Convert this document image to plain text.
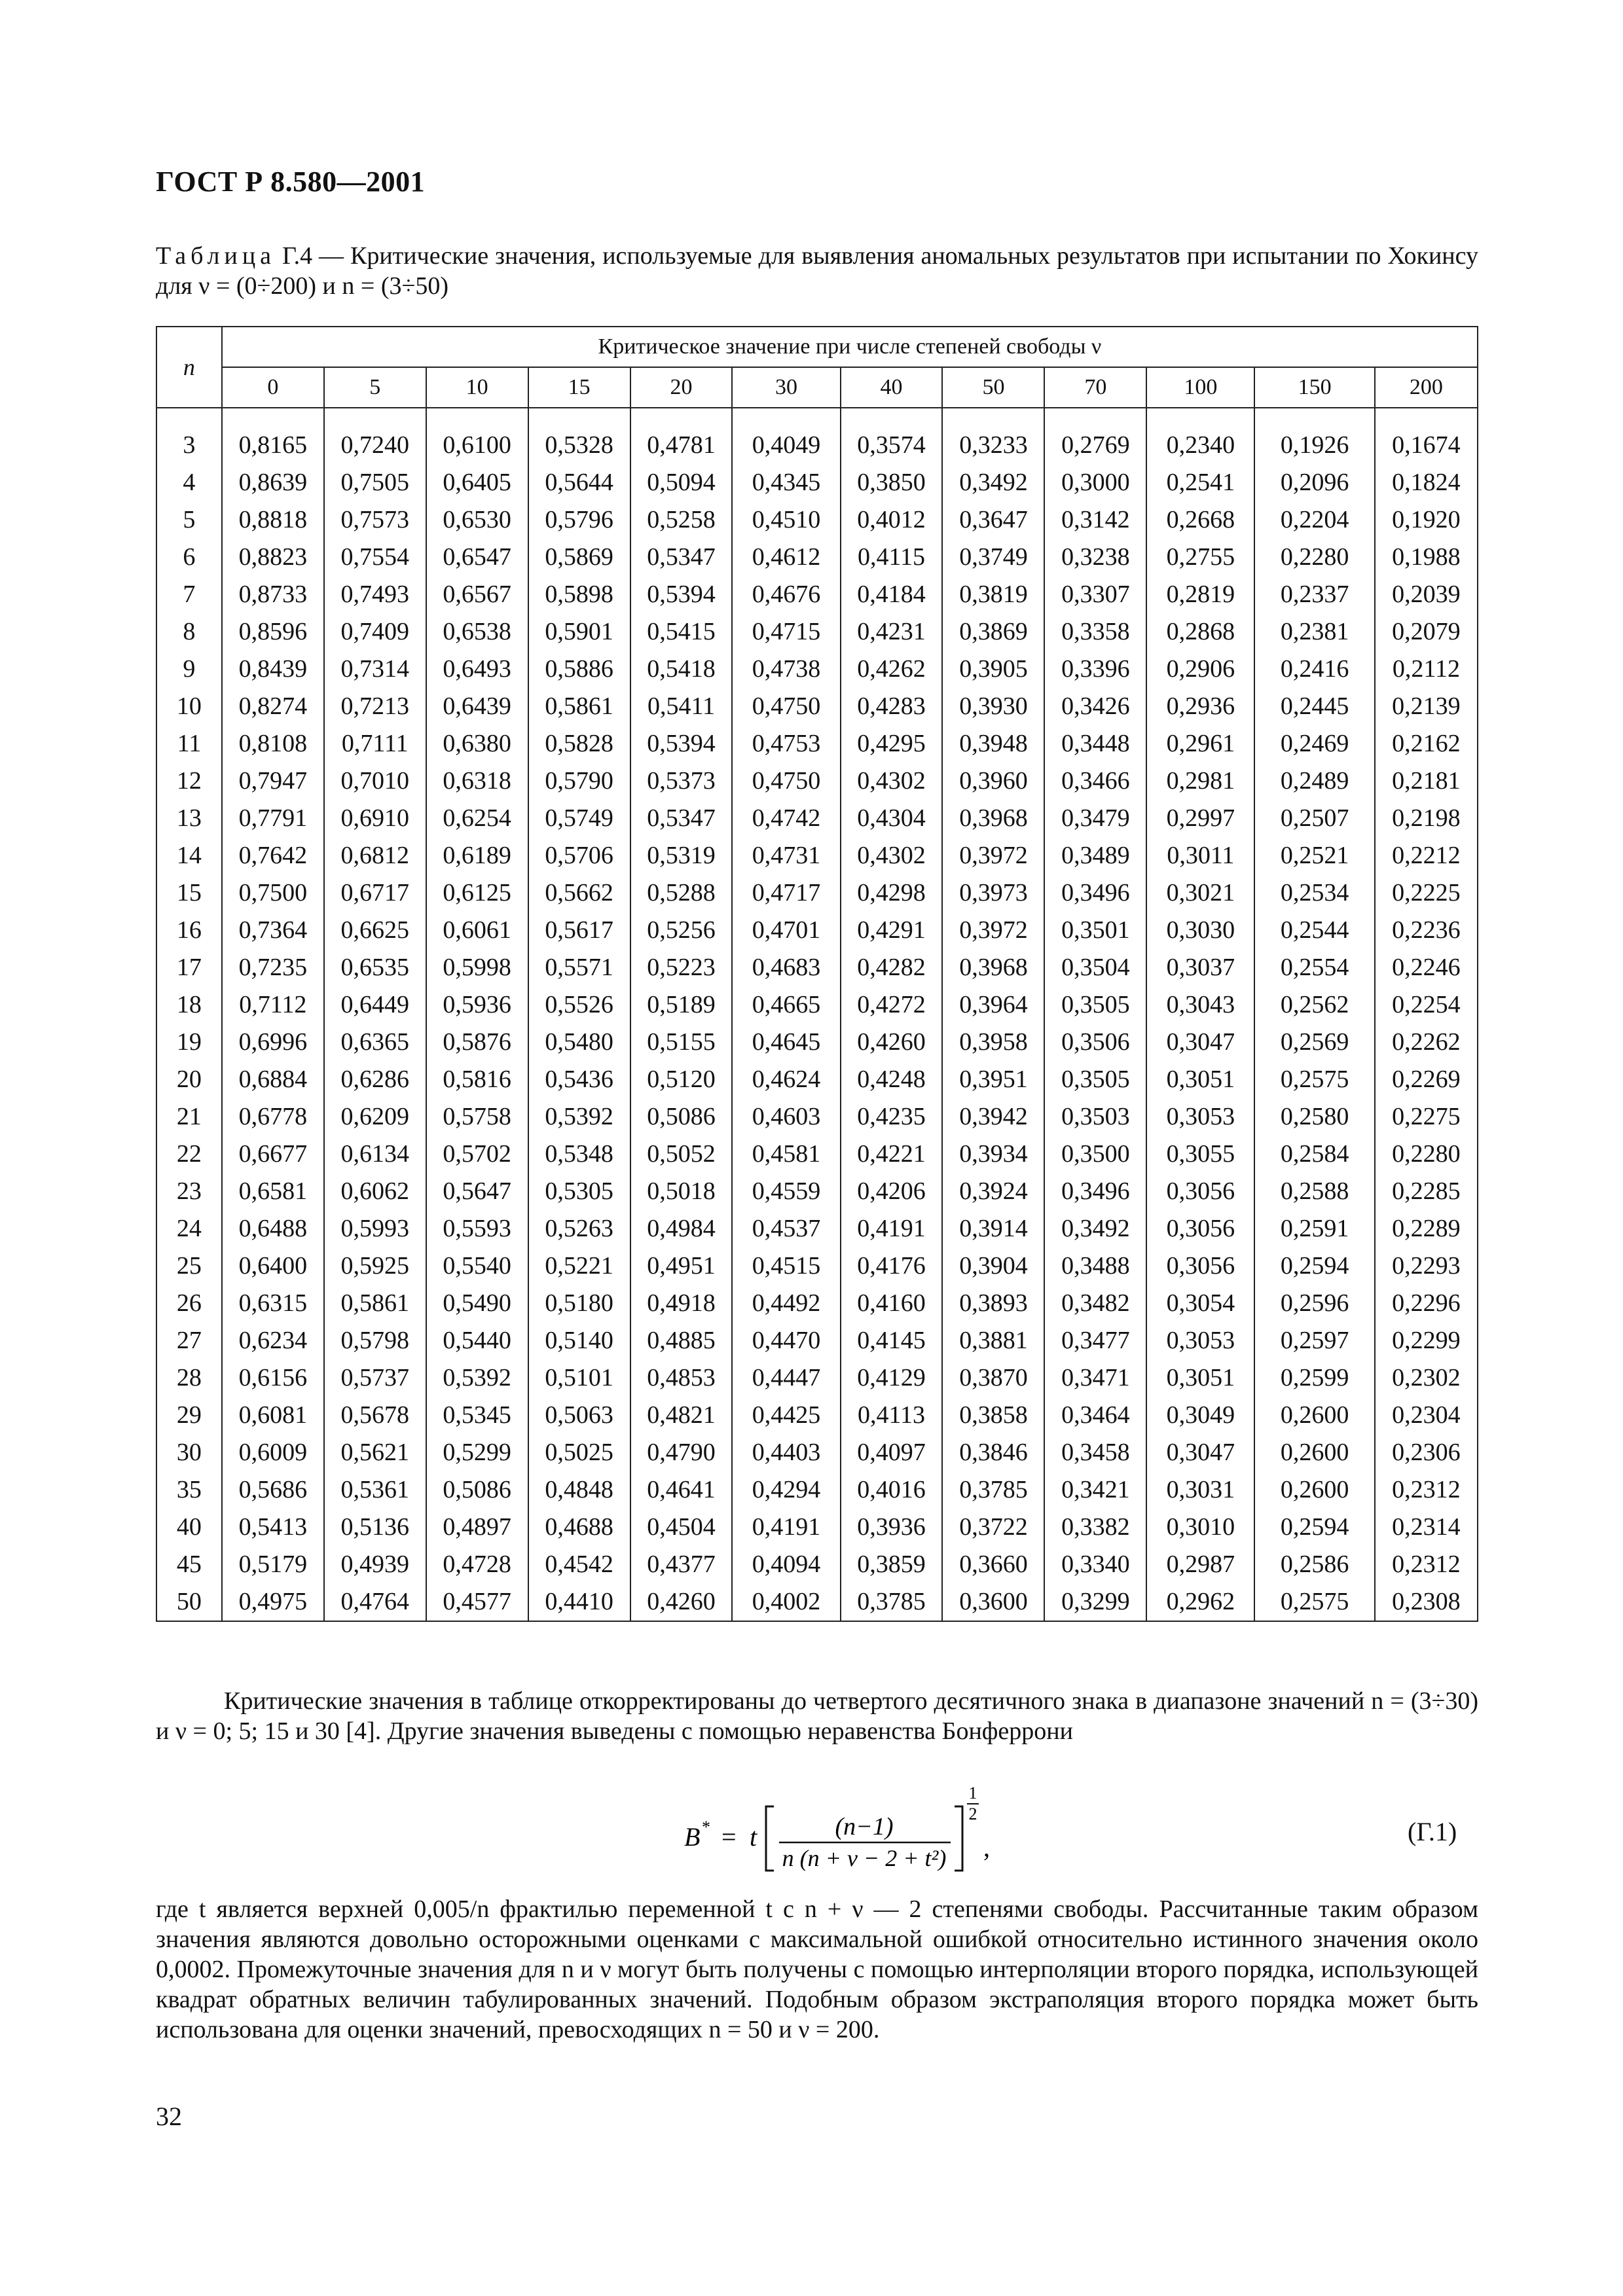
ГОСТ Р 8.580—2001
Таблица Г.4 — Критические значения, используемые для выявления аномальных результатов при испытании по Хокинсу для ν = (0÷200) и n = (3÷50)
n	Критическое значение при числе степеней свободы ν											
	0	5	10	15	20	30	40	50	70	100	150	200

3	0,8165	0,7240	0,6100	0,5328	0,4781	0,4049	0,3574	0,3233	0,2769	0,2340	0,1926	0,1674
4	0,8639	0,7505	0,6405	0,5644	0,5094	0,4345	0,3850	0,3492	0,3000	0,2541	0,2096	0,1824
5	0,8818	0,7573	0,6530	0,5796	0,5258	0,4510	0,4012	0,3647	0,3142	0,2668	0,2204	0,1920
6	0,8823	0,7554	0,6547	0,5869	0,5347	0,4612	0,4115	0,3749	0,3238	0,2755	0,2280	0,1988
7	0,8733	0,7493	0,6567	0,5898	0,5394	0,4676	0,4184	0,3819	0,3307	0,2819	0,2337	0,2039
8	0,8596	0,7409	0,6538	0,5901	0,5415	0,4715	0,4231	0,3869	0,3358	0,2868	0,2381	0,2079
9	0,8439	0,7314	0,6493	0,5886	0,5418	0,4738	0,4262	0,3905	0,3396	0,2906	0,2416	0,2112
10	0,8274	0,7213	0,6439	0,5861	0,5411	0,4750	0,4283	0,3930	0,3426	0,2936	0,2445	0,2139
11	0,8108	0,7111	0,6380	0,5828	0,5394	0,4753	0,4295	0,3948	0,3448	0,2961	0,2469	0,2162
12	0,7947	0,7010	0,6318	0,5790	0,5373	0,4750	0,4302	0,3960	0,3466	0,2981	0,2489	0,2181
13	0,7791	0,6910	0,6254	0,5749	0,5347	0,4742	0,4304	0,3968	0,3479	0,2997	0,2507	0,2198
14	0,7642	0,6812	0,6189	0,5706	0,5319	0,4731	0,4302	0,3972	0,3489	0,3011	0,2521	0,2212
15	0,7500	0,6717	0,6125	0,5662	0,5288	0,4717	0,4298	0,3973	0,3496	0,3021	0,2534	0,2225
16	0,7364	0,6625	0,6061	0,5617	0,5256	0,4701	0,4291	0,3972	0,3501	0,3030	0,2544	0,2236
17	0,7235	0,6535	0,5998	0,5571	0,5223	0,4683	0,4282	0,3968	0,3504	0,3037	0,2554	0,2246
18	0,7112	0,6449	0,5936	0,5526	0,5189	0,4665	0,4272	0,3964	0,3505	0,3043	0,2562	0,2254
19	0,6996	0,6365	0,5876	0,5480	0,5155	0,4645	0,4260	0,3958	0,3506	0,3047	0,2569	0,2262
20	0,6884	0,6286	0,5816	0,5436	0,5120	0,4624	0,4248	0,3951	0,3505	0,3051	0,2575	0,2269
21	0,6778	0,6209	0,5758	0,5392	0,5086	0,4603	0,4235	0,3942	0,3503	0,3053	0,2580	0,2275
22	0,6677	0,6134	0,5702	0,5348	0,5052	0,4581	0,4221	0,3934	0,3500	0,3055	0,2584	0,2280
23	0,6581	0,6062	0,5647	0,5305	0,5018	0,4559	0,4206	0,3924	0,3496	0,3056	0,2588	0,2285
24	0,6488	0,5993	0,5593	0,5263	0,4984	0,4537	0,4191	0,3914	0,3492	0,3056	0,2591	0,2289
25	0,6400	0,5925	0,5540	0,5221	0,4951	0,4515	0,4176	0,3904	0,3488	0,3056	0,2594	0,2293
26	0,6315	0,5861	0,5490	0,5180	0,4918	0,4492	0,4160	0,3893	0,3482	0,3054	0,2596	0,2296
27	0,6234	0,5798	0,5440	0,5140	0,4885	0,4470	0,4145	0,3881	0,3477	0,3053	0,2597	0,2299
28	0,6156	0,5737	0,5392	0,5101	0,4853	0,4447	0,4129	0,3870	0,3471	0,3051	0,2599	0,2302
29	0,6081	0,5678	0,5345	0,5063	0,4821	0,4425	0,4113	0,3858	0,3464	0,3049	0,2600	0,2304
30	0,6009	0,5621	0,5299	0,5025	0,4790	0,4403	0,4097	0,3846	0,3458	0,3047	0,2600	0,2306
35	0,5686	0,5361	0,5086	0,4848	0,4641	0,4294	0,4016	0,3785	0,3421	0,3031	0,2600	0,2312
40	0,5413	0,5136	0,4897	0,4688	0,4504	0,4191	0,3936	0,3722	0,3382	0,3010	0,2594	0,2314
45	0,5179	0,4939	0,4728	0,4542	0,4377	0,4094	0,3859	0,3660	0,3340	0,2987	0,2586	0,2312
50	0,4975	0,4764	0,4577	0,4410	0,4260	0,4002	0,3785	0,3600	0,3299	0,2962	0,2575	0,2308
Критические значения в таблице откорректированы до четвертого десятичного знака в диапазоне значений n = (3÷30) и ν = 0; 5; 15 и 30 [4]. Другие значения выведены с помощью неравенства Бонферрони
B * = t	(n−1)
n (n + ν − 2 + t²)
1
2
,
(Г.1)
где t является верхней 0,005/n фрактилью переменной t с n + ν — 2 степенями свободы. Рассчитанные таким образом значения являются довольно осторожными оценками с максимальной ошибкой относительно истинного значения около 0,0002. Промежуточные значения для n и ν могут быть получены с помощью интерполяции второго порядка, использующей квадрат обратных величин табулированных значений. Подобным образом экстраполяция второго порядка может быть использована для оценки значений, превосходящих n = 50 и ν = 200.
32
